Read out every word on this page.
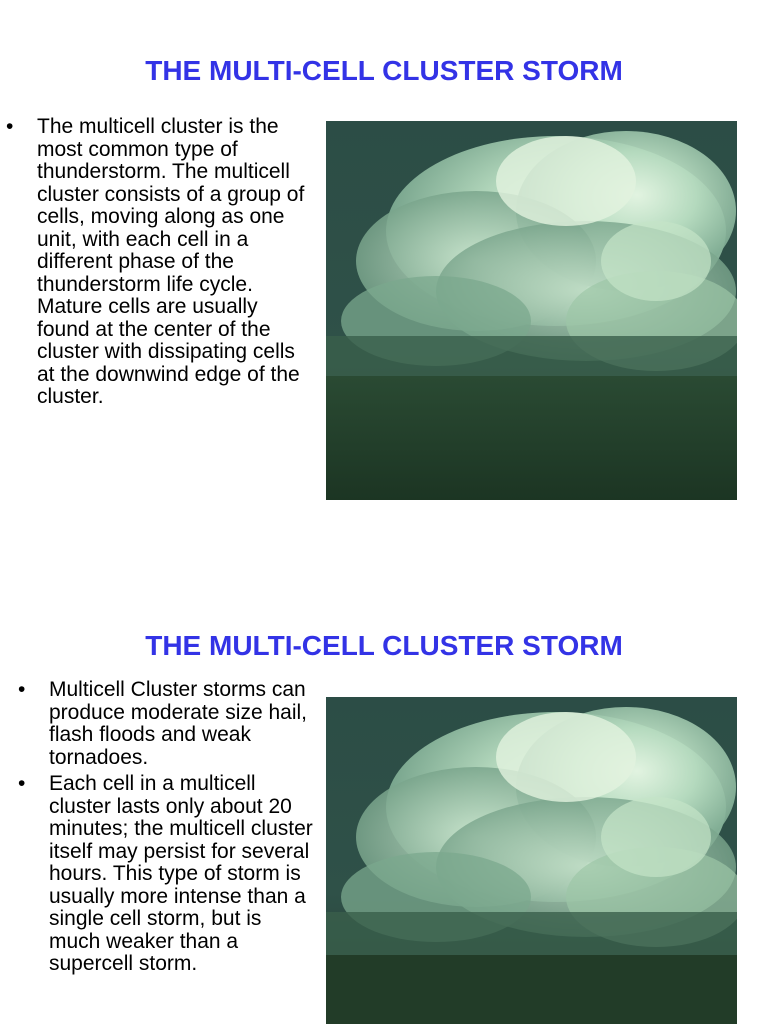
THE MULTI-CELL CLUSTER STORM
•	The multicell cluster is the most common type of thunderstorm. The multicell cluster consists of a group of cells, moving along as one unit, with each cell in a different phase of the thunderstorm life cycle. Mature cells are usually found at the center of the cluster with dissipating cells at the downwind edge of the cluster.
THE MULTI-CELL CLUSTER STORM
•	Multicell Cluster storms can produce moderate size hail, flash floods and weak tornadoes.
•	Each cell in a multicell cluster lasts only about 20 minutes; the multicell cluster itself may persist for several hours. This type of storm is usually more intense than a single cell storm, but is much weaker than a supercell storm.
